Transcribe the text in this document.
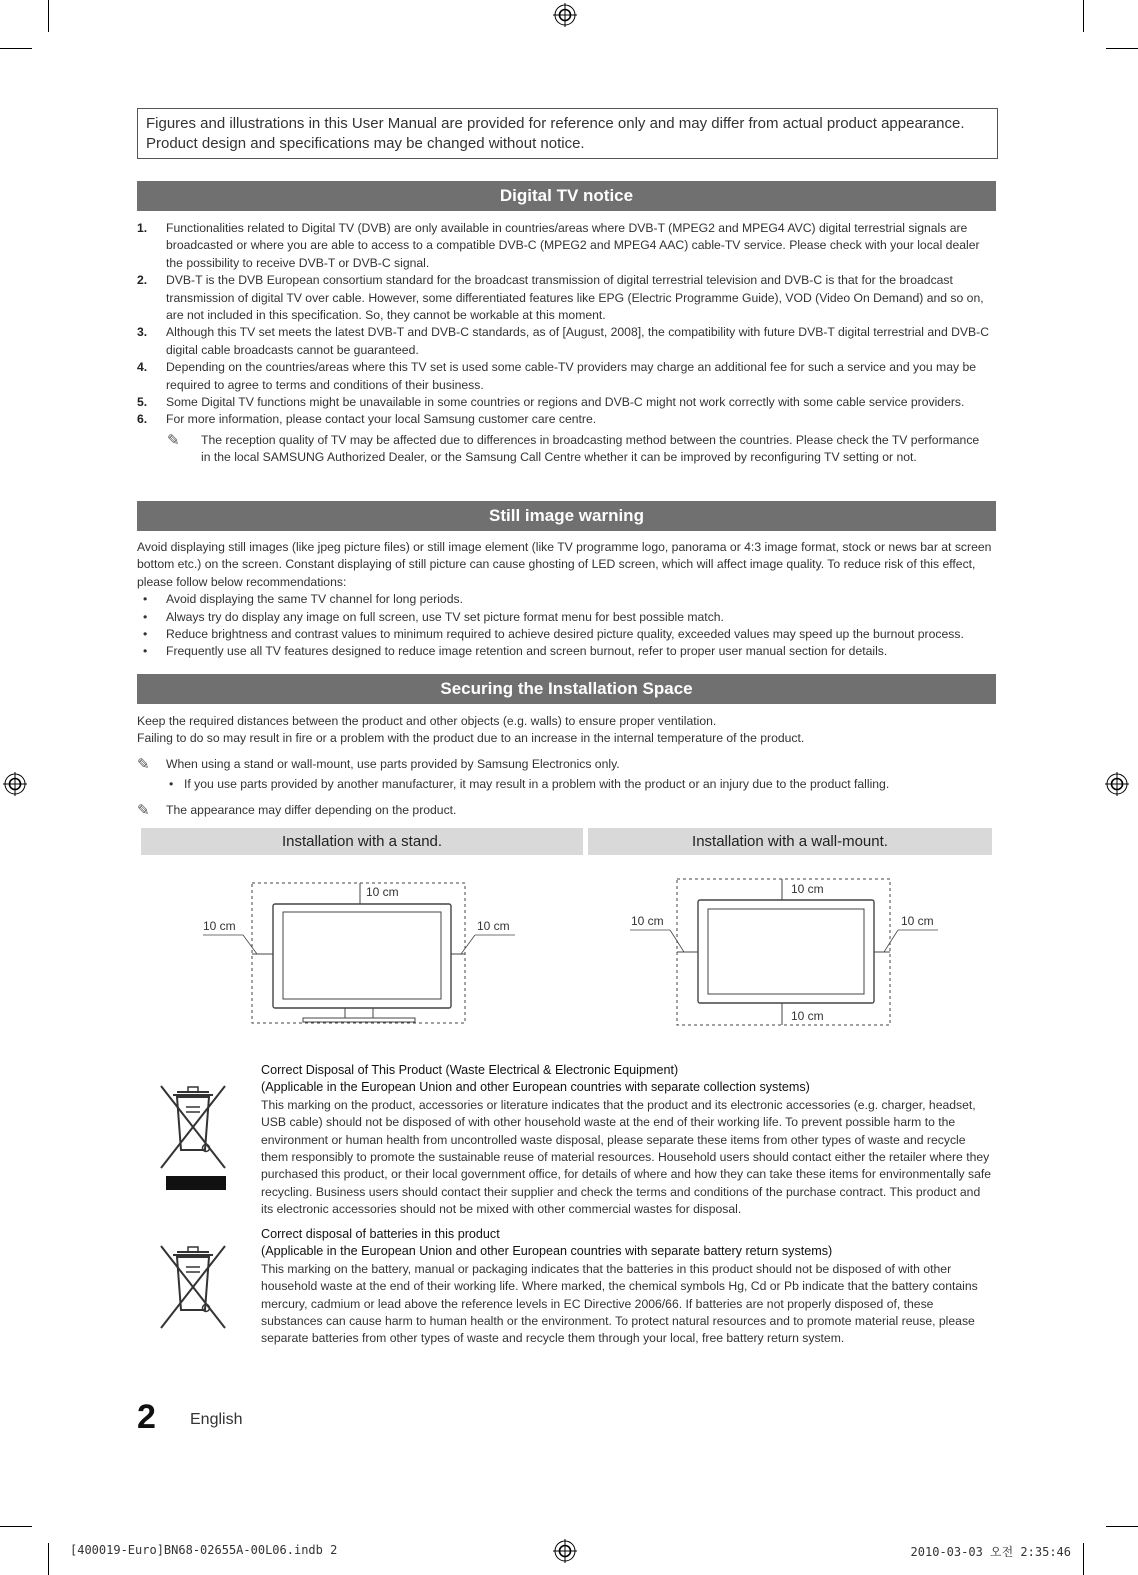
Figures and illustrations in this User Manual are provided for reference only and may differ from actual product appearance.
Product design and specifications may be changed without notice.
Digital TV notice
1. Functionalities related to Digital TV (DVB) are only available in countries/areas where DVB-T (MPEG2 and MPEG4 AVC) digital terrestrial signals are broadcasted or where you are able to access to a compatible DVB-C (MPEG2 and MPEG4 AAC) cable-TV service. Please check with your local dealer the possibility to receive DVB-T or DVB-C signal.
2. DVB-T is the DVB European consortium standard for the broadcast transmission of digital terrestrial television and DVB-C is that for the broadcast transmission of digital TV over cable. However, some differentiated features like EPG (Electric Programme Guide), VOD (Video On Demand) and so on, are not included in this specification. So, they cannot be workable at this moment.
3. Although this TV set meets the latest DVB-T and DVB-C standards, as of [August, 2008], the compatibility with future DVB-T digital terrestrial and DVB-C digital cable broadcasts cannot be guaranteed.
4. Depending on the countries/areas where this TV set is used some cable-TV providers may charge an additional fee for such a service and you may be required to agree to terms and conditions of their business.
5. Some Digital TV functions might be unavailable in some countries or regions and DVB-C might not work correctly with some cable service providers.
6. For more information, please contact your local Samsung customer care centre.
✎ The reception quality of TV may be affected due to differences in broadcasting method between the countries. Please check the TV performance in the local SAMSUNG Authorized Dealer, or the Samsung Call Centre whether it can be improved by reconfiguring TV setting or not.
Still image warning
Avoid displaying still images (like jpeg picture files) or still image element (like TV programme logo, panorama or 4:3 image format, stock or news bar at screen bottom etc.) on the screen. Constant displaying of still picture can cause ghosting of LED screen, which will affect image quality. To reduce risk of this effect, please follow below recommendations:
• Avoid displaying the same TV channel for long periods.
• Always try do display any image on full screen, use TV set picture format menu for best possible match.
• Reduce brightness and contrast values to minimum required to achieve desired picture quality, exceeded values may speed up the burnout process.
• Frequently use all TV features designed to reduce image retention and screen burnout, refer to proper user manual section for details.
Securing the Installation Space
Keep the required distances between the product and other objects (e.g. walls) to ensure proper ventilation.
Failing to do so may result in fire or a problem with the product due to an increase in the internal temperature of the product.
✎ When using a stand or wall-mount, use parts provided by Samsung Electronics only.
• If you use parts provided by another manufacturer, it may result in a problem with the product or an injury due to the product falling.
✎ The appearance may differ depending on the product.
Installation with a stand.	Installation with a wall-mount.
10 cm
10 cm	10 cm
10 cm
10 cm
10 cm	10 cm
Correct Disposal of This Product (Waste Electrical & Electronic Equipment)
(Applicable in the European Union and other European countries with separate collection systems)
This marking on the product, accessories or literature indicates that the product and its electronic accessories (e.g. charger, headset, USB cable) should not be disposed of with other household waste at the end of their working life. To prevent possible harm to the environment or human health from uncontrolled waste disposal, please separate these items from other types of waste and recycle them responsibly to promote the sustainable reuse of material resources. Household users should contact either the retailer where they purchased this product, or their local government office, for details of where and how they can take these items for environmentally safe recycling. Business users should contact their supplier and check the terms and conditions of the purchase contract. This product and its electronic accessories should not be mixed with other commercial wastes for disposal.
Correct disposal of batteries in this product
(Applicable in the European Union and other European countries with separate battery return systems)
This marking on the battery, manual or packaging indicates that the batteries in this product should not be disposed of with other household waste at the end of their working life. Where marked, the chemical symbols Hg, Cd or Pb indicate that the battery contains mercury, cadmium or lead above the reference levels in EC Directive 2006/66. If batteries are not properly disposed of, these substances can cause harm to human health or the environment. To protect natural resources and to promote material reuse, please separate batteries from other types of waste and recycle them through your local, free battery return system.
2 English
[400019-Euro]BN68-02655A-00L06.indb 2	2010-03-03 오전 2:35:46
